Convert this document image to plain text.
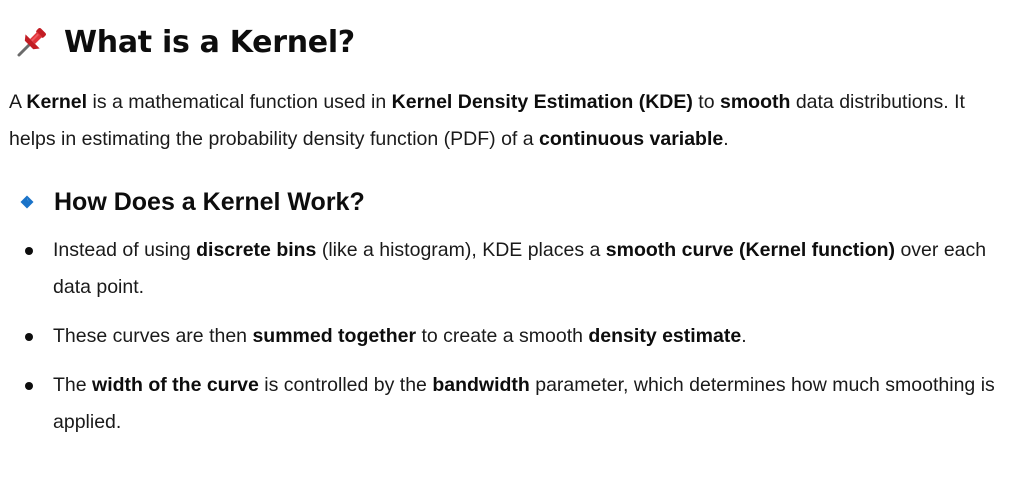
What is a Kernel?

A Kernel is a mathematical function used in Kernel Density Estimation (KDE) to smooth data distributions. It helps in estimating the probability density function (PDF) of a continuous variable.

How Does a Kernel Work?
Instead of using discrete bins (like a histogram), KDE places a smooth curve (Kernel function) over each data point.
These curves are then summed together to create a smooth density estimate.
The width of the curve is controlled by the bandwidth parameter, which determines how much smoothing is applied.
